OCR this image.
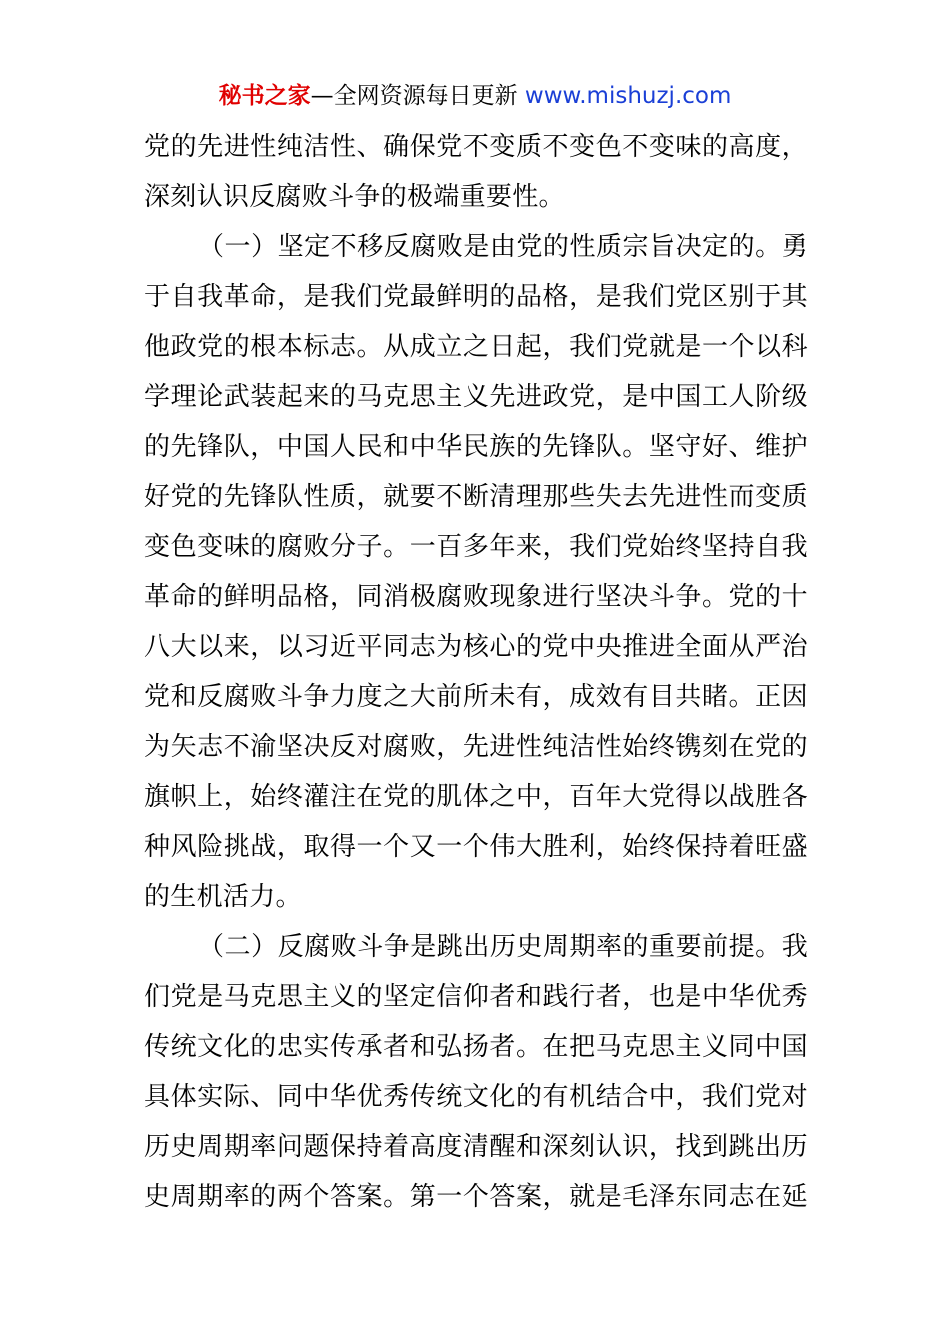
秘书之家—全网资源每日更新 www.mishuzj.com
党的先进性纯洁性、确保党不变质不变色不变味的高度，
深刻认识反腐败斗争的极端重要性。
（一）坚定不移反腐败是由党的性质宗旨决定的。勇
于自我革命，是我们党最鲜明的品格，是我们党区别于其
他政党的根本标志。从成立之日起，我们党就是一个以科
学理论武装起来的马克思主义先进政党，是中国工人阶级
的先锋队，中国人民和中华民族的先锋队。坚守好、维护
好党的先锋队性质，就要不断清理那些失去先进性而变质
变色变味的腐败分子。一百多年来，我们党始终坚持自我
革命的鲜明品格，同消极腐败现象进行坚决斗争。党的十
八大以来，以习近平同志为核心的党中央推进全面从严治
党和反腐败斗争力度之大前所未有，成效有目共睹。正因
为矢志不渝坚决反对腐败，先进性纯洁性始终镌刻在党的
旗帜上，始终灌注在党的肌体之中，百年大党得以战胜各
种风险挑战，取得一个又一个伟大胜利，始终保持着旺盛
的生机活力。
（二）反腐败斗争是跳出历史周期率的重要前提。我
们党是马克思主义的坚定信仰者和践行者，也是中华优秀
传统文化的忠实传承者和弘扬者。在把马克思主义同中国
具体实际、同中华优秀传统文化的有机结合中，我们党对
历史周期率问题保持着高度清醒和深刻认识，找到跳出历
史周期率的两个答案。第一个答案，就是毛泽东同志在延
